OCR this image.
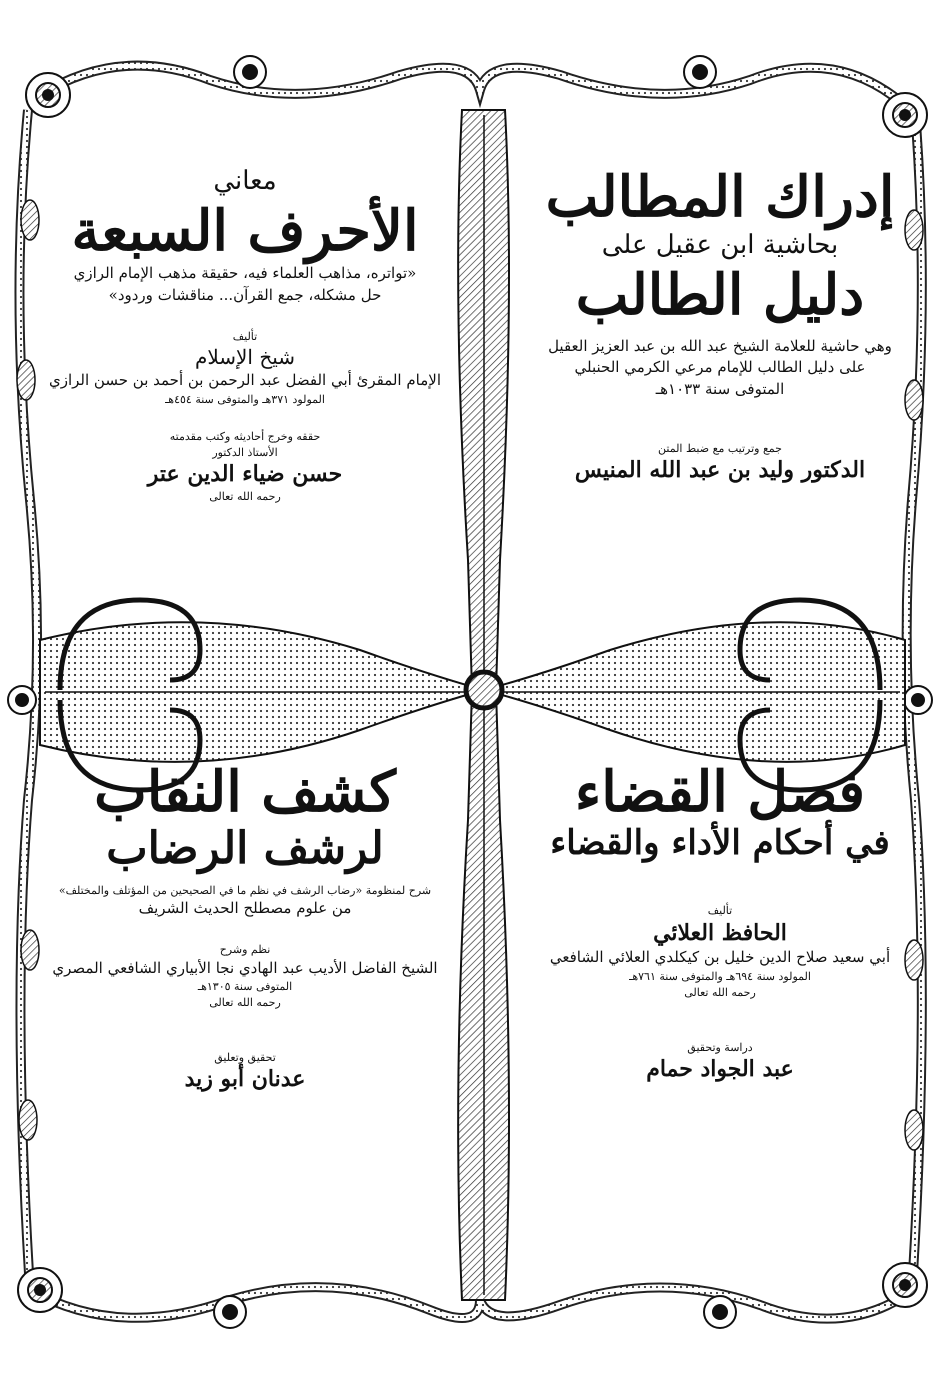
إدراك المطالب

بحاشية ابن عقيل على

دليل الطالب

وهي حاشية للعلامة الشيخ عبد الله بن عبد العزيز العقيل

على دليل الطالب للإمام مرعي الكرمي الحنبلي

المتوفى سنة ١٠٣٣هـ

جمع وترتيب مع ضبط المتن

الدكتور وليد بن عبد الله المنيس

معاني

الأحرف السبعة

«تواتره، مذاهب العلماء فيه، حقيقة مذهب الإمام الرازي

حل مشكله، جمع القرآن... مناقشات وردود»

تأليف

شيخ الإسلام

الإمام المقرئ أبي الفضل عبد الرحمن بن أحمد بن حسن الرازي

المولود ٣٧١هـ والمتوفى سنة ٤٥٤هـ

حققه وخرج أحاديثه وكتب مقدمته

الأستاذ الدكتور

حسن ضياء الدين عتر

رحمه الله تعالى

فصل القضاء

في أحكام الأداء والقضاء

تأليف

الحافظ العلائي

أبي سعيد صلاح الدين خليل بن كيكلدي العلائي الشافعي

المولود سنة ٦٩٤هـ والمتوفى سنة ٧٦١هـ

رحمه الله تعالى

دراسة وتحقيق

عبد الجواد حمام

كشف النقاب

لرشف الرضاب

شرح لمنظومة «رضاب الرشف في نظم ما في الصحيحين من المؤتلف والمختلف»

من علوم مصطلح الحديث الشريف

نظم وشرح

الشيخ الفاضل الأديب عبد الهادي نجا الأبياري الشافعي المصري

المتوفى سنة ١٣٠٥هـ

رحمه الله تعالى

تحقيق وتعليق

عدنان أبو زيد
